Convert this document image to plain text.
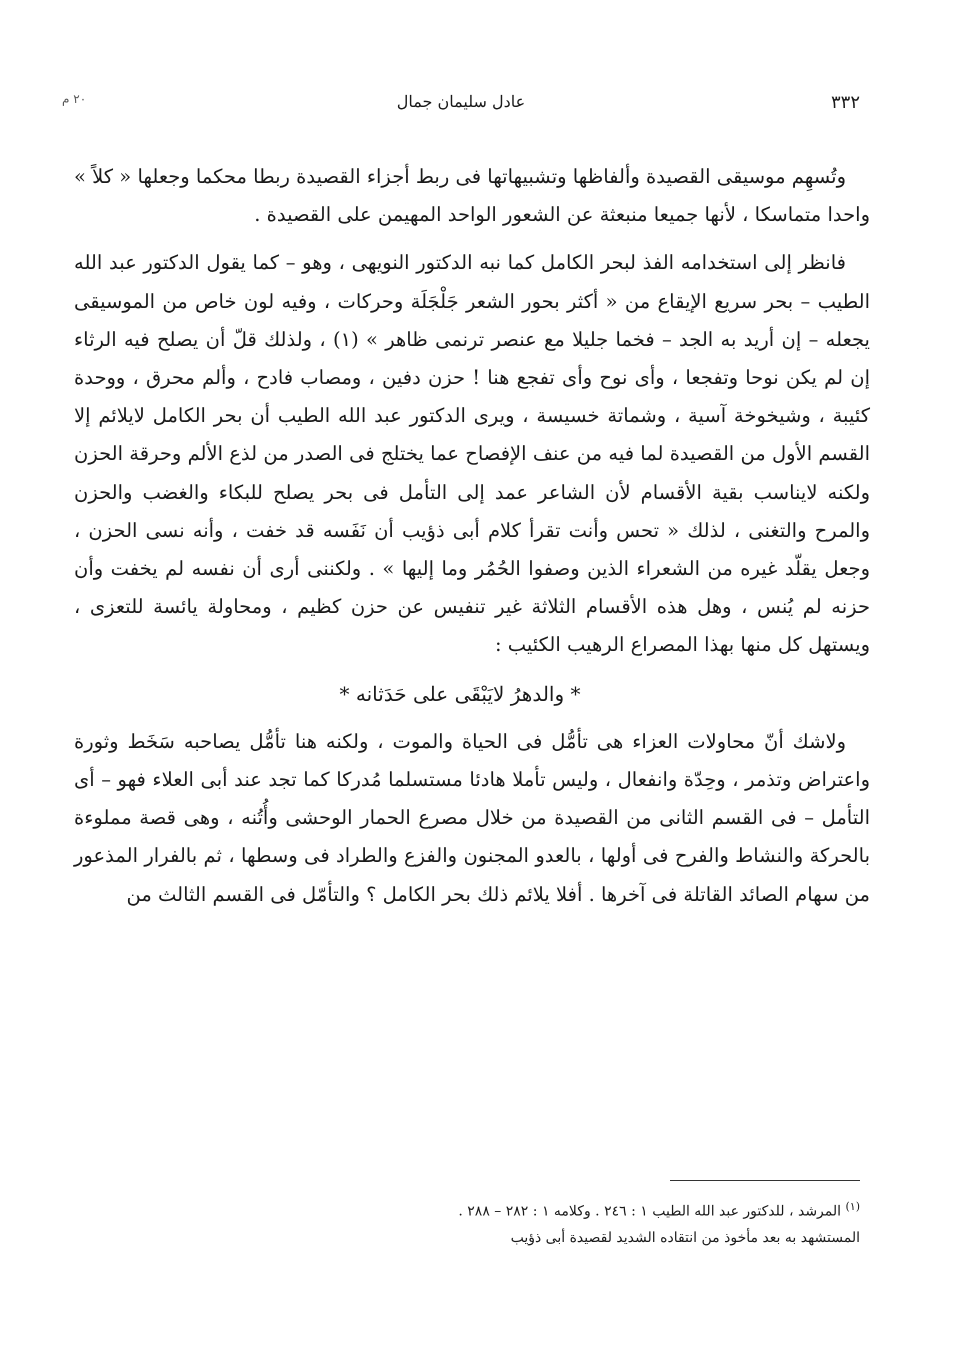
٣٣٢
عادل سليمان جمال
٢٠ م

وتُسهِم موسيقى القصيدة وألفاظها وتشبيهاتها فى ربط أجزاء القصيدة ربطا محكما وجعلها « كلاً » واحدا متماسكا ، لأنها جميعا منبعثة عن الشعور الواحد المهيمن على القصيدة .

فانظر إلى استخدامه الفذ لبحر الكامل كما نبه الدكتور النويهى ، وهو – كما يقول الدكتور عبد الله الطيب – بحر سريع الإيقاع من « أكثر بحور الشعر جَلْجَلَة وحركات ، وفيه لون خاص من الموسيقى يجعله – إن أريد به الجد – فخما جليلا مع عنصر ترنمى ظاهر » (١) ، ولذلك قلّ أن يصلح فيه الرثاء إن لم يكن نوحا وتفجعا ، وأى نوح وأى تفجع هنا ! حزن دفين ، ومصاب فادح ، وألم محرق ، ووحدة كئيبة ، وشيخوخة آسية ، وشماتة خسيسة ، ويرى الدكتور عبد الله الطيب أن بحر الكامل لايلائم إلا القسم الأول من القصيدة لما فيه من عنف الإفصاح عما يختلج فى الصدر من لذع الألم وحرقة الحزن ولكنه لايناسب بقية الأقسام لأن الشاعر عمد إلى التأمل فى بحر يصلح للبكاء والغضب والحزن والمرح والتغنى ، لذلك « تحس وأنت تقرأ كلام أبى ذؤيب أن نَفَسه قد خفت ، وأنه نسى الحزن ، وجعل يقلّد غيره من الشعراء الذين وصفوا الحُمُر وما إليها » . ولكننى أرى أن نفسه لم يخفت وأن حزنه لم يُنس ، وهل هذه الأقسام الثلاثة غير تنفيس عن حزن كظيم ، ومحاولة يائسة للتعزى ، ويستهل كل منها بهذا المصراع الرهيب الكئيب :

* والدهرُ لايَبْقَى على حَدَثانه *

ولاشك أنّ محاولات العزاء هى تأمُّل فى الحياة والموت ، ولكنه هنا تأمُّل يصاحبه سَخَط وثورة واعتراض وتذمر ، وحِدّة وانفعال ، وليس تأملا هادئا مستسلما مُدركا كما تجد عند أبى العلاء فهو – أى التأمل – فى القسم الثانى من القصيدة من خلال مصرع الحمار الوحشى وأُتُنه ، وهى قصة مملوءة بالحركة والنشاط والفرح فى أولها ، بالعدو المجنون والفزع والطراد فى وسطها ، ثم بالفرار المذعور من سهام الصائد القاتلة فى آخرها . أفلا يلائم ذلك بحر الكامل ؟ والتأمّل فى القسم الثالث من

$^{(١)}$ المرشد ، للدكتور عبد الله الطيب ١ : ٢٤٦ . وكلامه ١ : ٢٨٢ – ٢٨٨ .

المستشهد به بعد مأخوذ من انتقاده الشديد لقصيدة أبى ذؤيب
